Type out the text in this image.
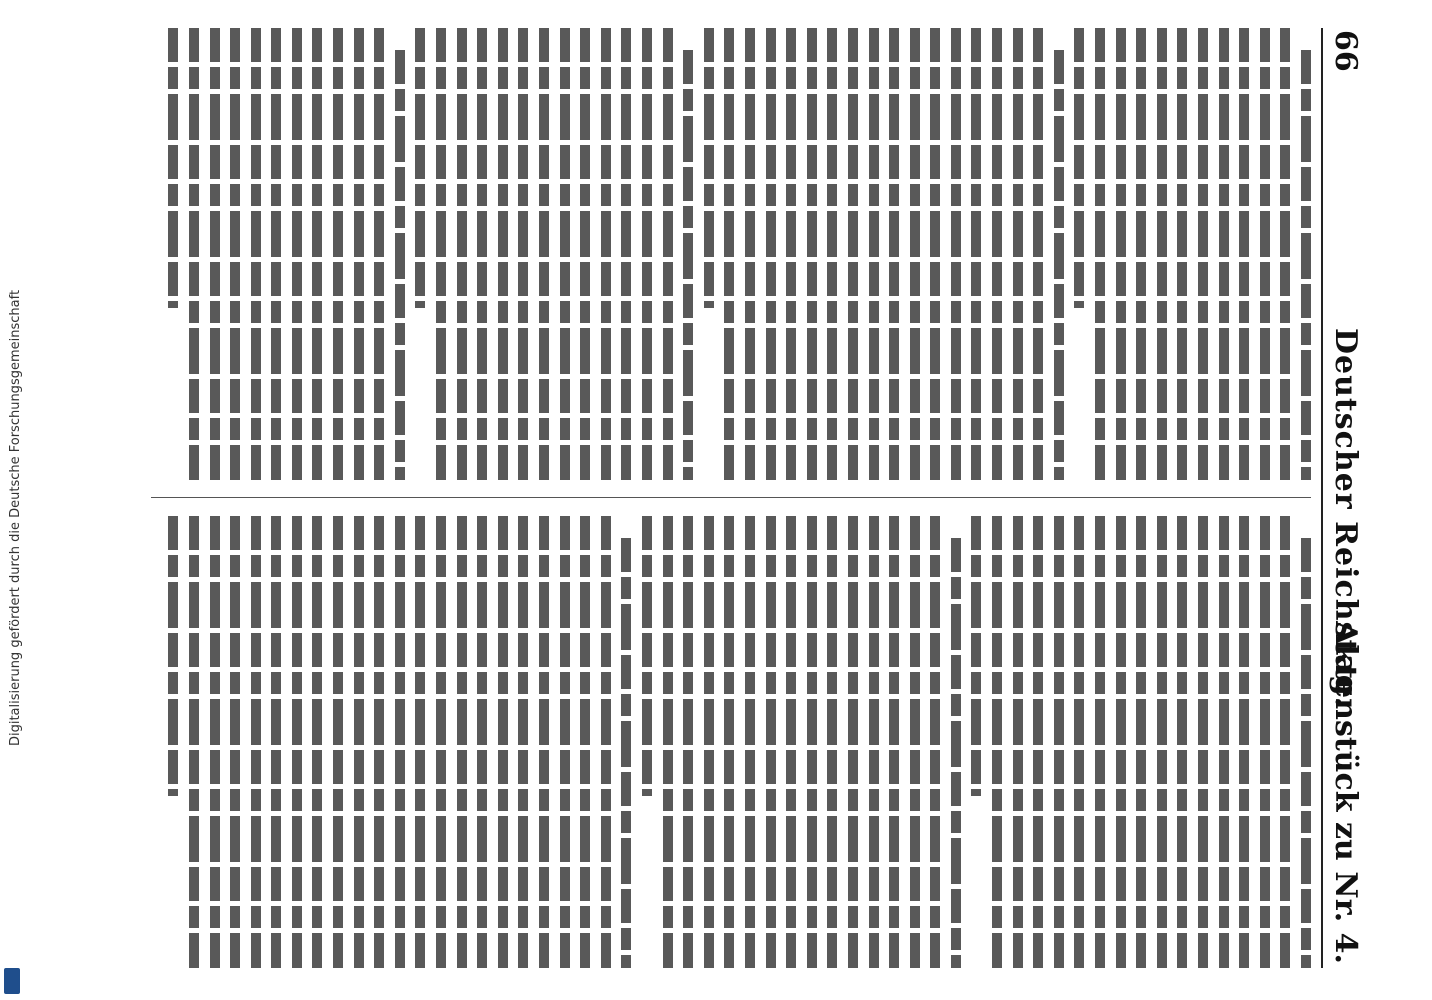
66
Deutscher Reichstag.
Aktenstück zu Nr. 4.
Digitalisierung gefördert durch die Deutsche Forschungsgemeinschaft
